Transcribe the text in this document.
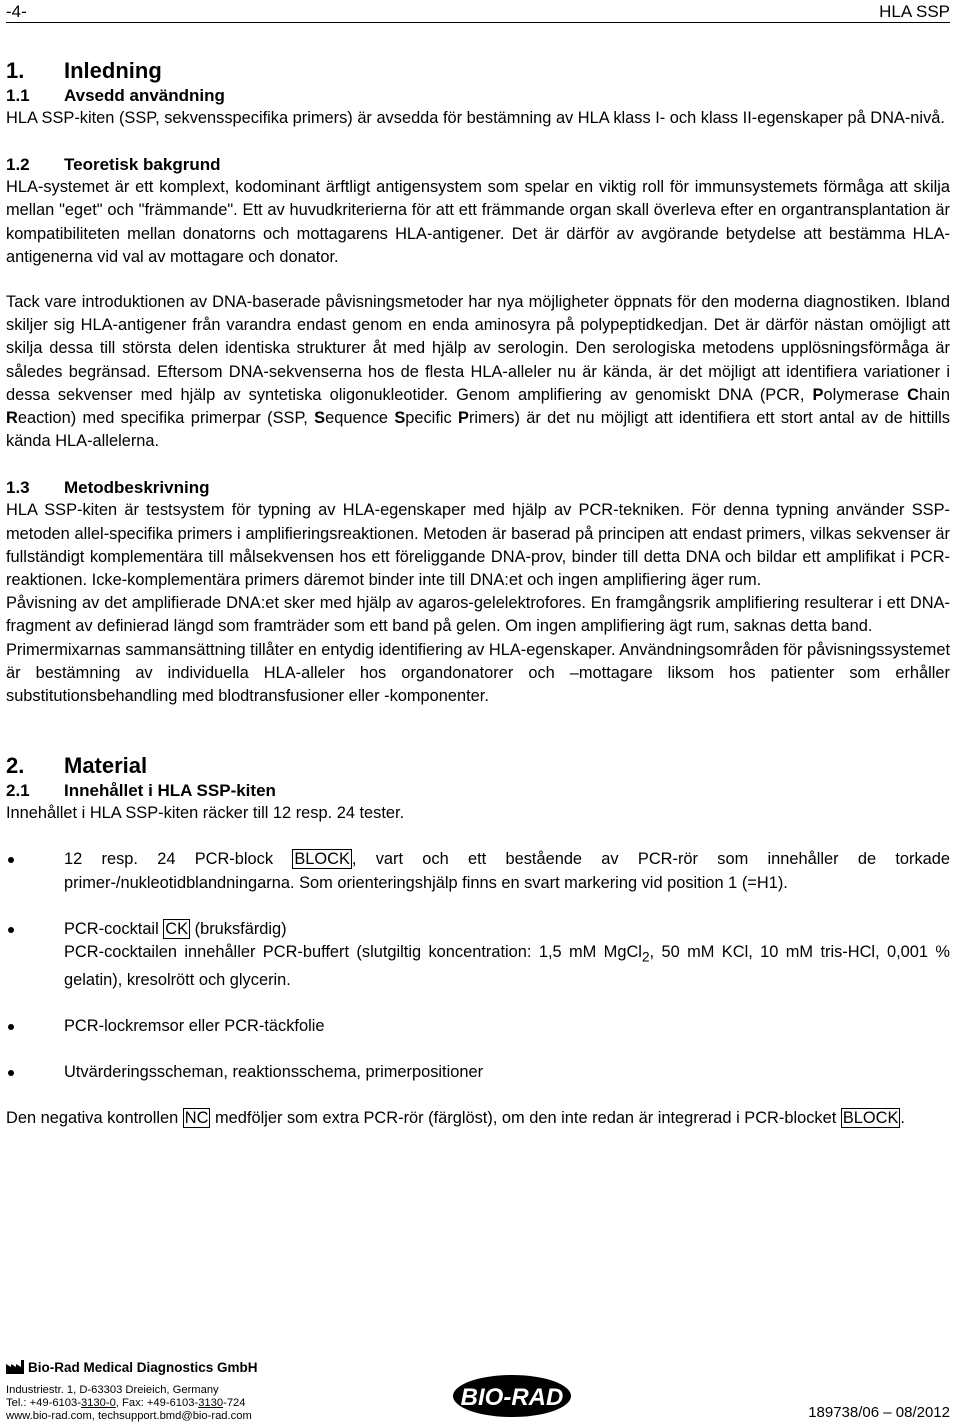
-4-	HLA SSP
1. Inledning
1.1 Avsedd användning

HLA SSP-kiten (SSP, sekvensspecifika primers) är avsedda för bestämning av HLA klass I- och klass II-egenskaper på DNA-nivå.

1.2 Teoretisk bakgrund

HLA-systemet är ett komplext, kodominant ärftligt antigensystem som spelar en viktig roll för immunsystemets förmåga att skilja mellan "eget" och "främmande". Ett av huvudkriterierna för att ett främmande organ skall överleva efter en organtransplantation är kompatibiliteten mellan donatorns och mottagarens HLA-antigener. Det är därför av avgörande betydelse att bestämma HLA-antigenerna vid val av mottagare och donator.

Tack vare introduktionen av DNA-baserade påvisningsmetoder har nya möjligheter öppnats för den moderna diagnostiken. Ibland skiljer sig HLA-antigener från varandra endast genom en enda aminosyra på polypeptidkedjan. Det är därför nästan omöjligt att skilja dessa till största delen identiska strukturer åt med hjälp av serologin. Den serologiska metodens upplösningsförmåga är således begränsad. Eftersom DNA-sekvenserna hos de flesta HLA-alleler nu är kända, är det möjligt att identifiera variationer i dessa sekvenser med hjälp av syntetiska oligonukleotider. Genom amplifiering av genomiskt DNA (PCR, Polymerase Chain Reaction) med specifika primerpar (SSP, Sequence Specific Primers) är det nu möjligt att identifiera ett stort antal av de hittills kända HLA-allelerna.

1.3 Metodbeskrivning

HLA SSP-kiten är testsystem för typning av HLA-egenskaper med hjälp av PCR-tekniken. För denna typning använder SSP-metoden allel-specifika primers i amplifieringsreaktionen. Metoden är baserad på principen att endast primers, vilkas sekvenser är fullständigt komplementära till målsekvensen hos ett föreliggande DNA-prov, binder till detta DNA och bildar ett amplifikat i PCR-reaktionen. Icke-komplementära primers däremot binder inte till DNA:et och ingen amplifiering äger rum.

Påvisning av det amplifierade DNA:et sker med hjälp av agaros-gelelektrofores. En framgångsrik amplifiering resulterar i ett DNA-fragment av definierad längd som framträder som ett band på gelen. Om ingen amplifiering ägt rum, saknas detta band.

Primermixarnas sammansättning tillåter en entydig identifiering av HLA-egenskaper. Användningsområden för påvisningssystemet är bestämning av individuella HLA-alleler hos organdonatorer och –mottagare liksom hos patienter som erhåller substitutionsbehandling med blodtransfusioner eller -komponenter.

2. Material
2.1 Innehållet i HLA SSP-kiten

Innehållet i HLA SSP-kiten räcker till 12 resp. 24 tester.

12 resp. 24 PCR-block BLOCK , vart och ett bestående av PCR-rör som innehåller de torkade primer-/nukleotidblandningarna. Som orienteringshjälp finns en svart markering vid position 1 (=H1).
PCR-cocktail CK (bruksfärdig)
PCR-cocktailen innehåller PCR-buffert (slutgiltig koncentration: 1,5 mM MgCl$_2$, 50 mM KCl, 10 mM tris-HCl, 0,001 % gelatin), kresolrött och glycerin.
PCR-lockremsor eller PCR-täckfolie
Utvärderingsscheman, reaktionsschema, primerpositioner

Den negativa kontrollen NC medföljer som extra PCR-rör (färglöst), om den inte redan är integrerad i PCR-blocket BLOCK .

Bio-Rad Medical Diagnostics GmbH
Industriestr. 1, D-63303 Dreieich, Germany
Tel.: +49-6103-3130-0, Fax: +49-6103-3130-724
www.bio-rad.com, techsupport.bmd@bio-rad.com
BIO-RAD
189738/06 – 08/2012
